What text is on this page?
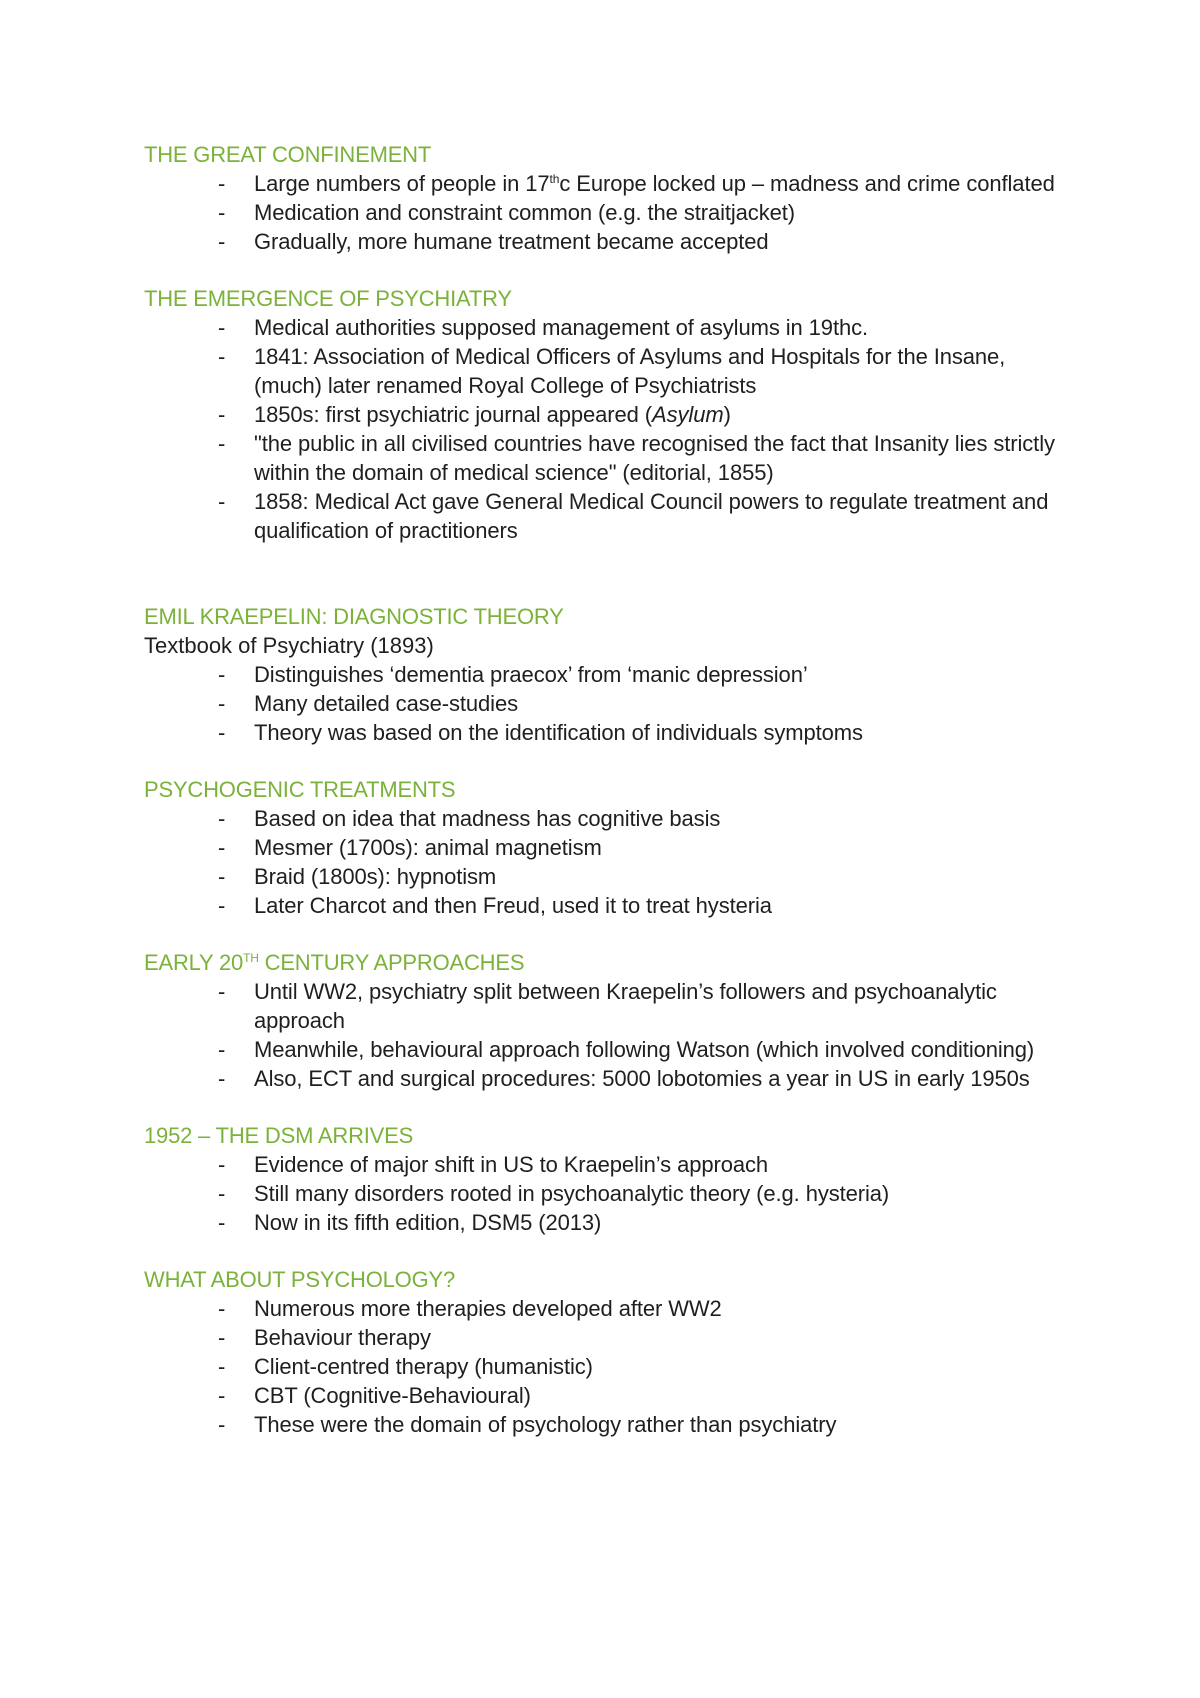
THE GREAT CONFINEMENT
- Large numbers of people in 17thc Europe locked up – madness and crime conflated
- Medication and constraint common (e.g. the straitjacket)
- Gradually, more humane treatment became accepted
THE EMERGENCE OF PSYCHIATRY
- Medical authorities supposed management of asylums in 19thc.
- 1841: Association of Medical Officers of Asylums and Hospitals for the Insane, (much) later renamed Royal College of Psychiatrists
- 1850s: first psychiatric journal appeared (Asylum)
- "the public in all civilised countries have recognised the fact that Insanity lies strictly within the domain of medical science" (editorial, 1855)
- 1858: Medical Act gave General Medical Council powers to regulate treatment and qualification of practitioners
EMIL KRAEPELIN: DIAGNOSTIC THEORY

Textbook of Psychiatry (1893)

- Distinguishes ‘dementia praecox’ from ‘manic depression’
- Many detailed case-studies
- Theory was based on the identification of individuals symptoms
PSYCHOGENIC TREATMENTS
- Based on idea that madness has cognitive basis
- Mesmer (1700s): animal magnetism
- Braid (1800s): hypnotism
- Later Charcot and then Freud, used it to treat hysteria
EARLY 20TH CENTURY APPROACHES
- Until WW2, psychiatry split between Kraepelin’s followers and psychoanalytic approach
- Meanwhile, behavioural approach following Watson (which involved conditioning)
- Also, ECT and surgical procedures: 5000 lobotomies a year in US in early 1950s
1952 – THE DSM ARRIVES
- Evidence of major shift in US to Kraepelin’s approach
- Still many disorders rooted in psychoanalytic theory (e.g. hysteria)
- Now in its fifth edition, DSM5 (2013)
WHAT ABOUT PSYCHOLOGY?
- Numerous more therapies developed after WW2
- Behaviour therapy
- Client-centred therapy (humanistic)
- CBT (Cognitive-Behavioural)
- These were the domain of psychology rather than psychiatry
